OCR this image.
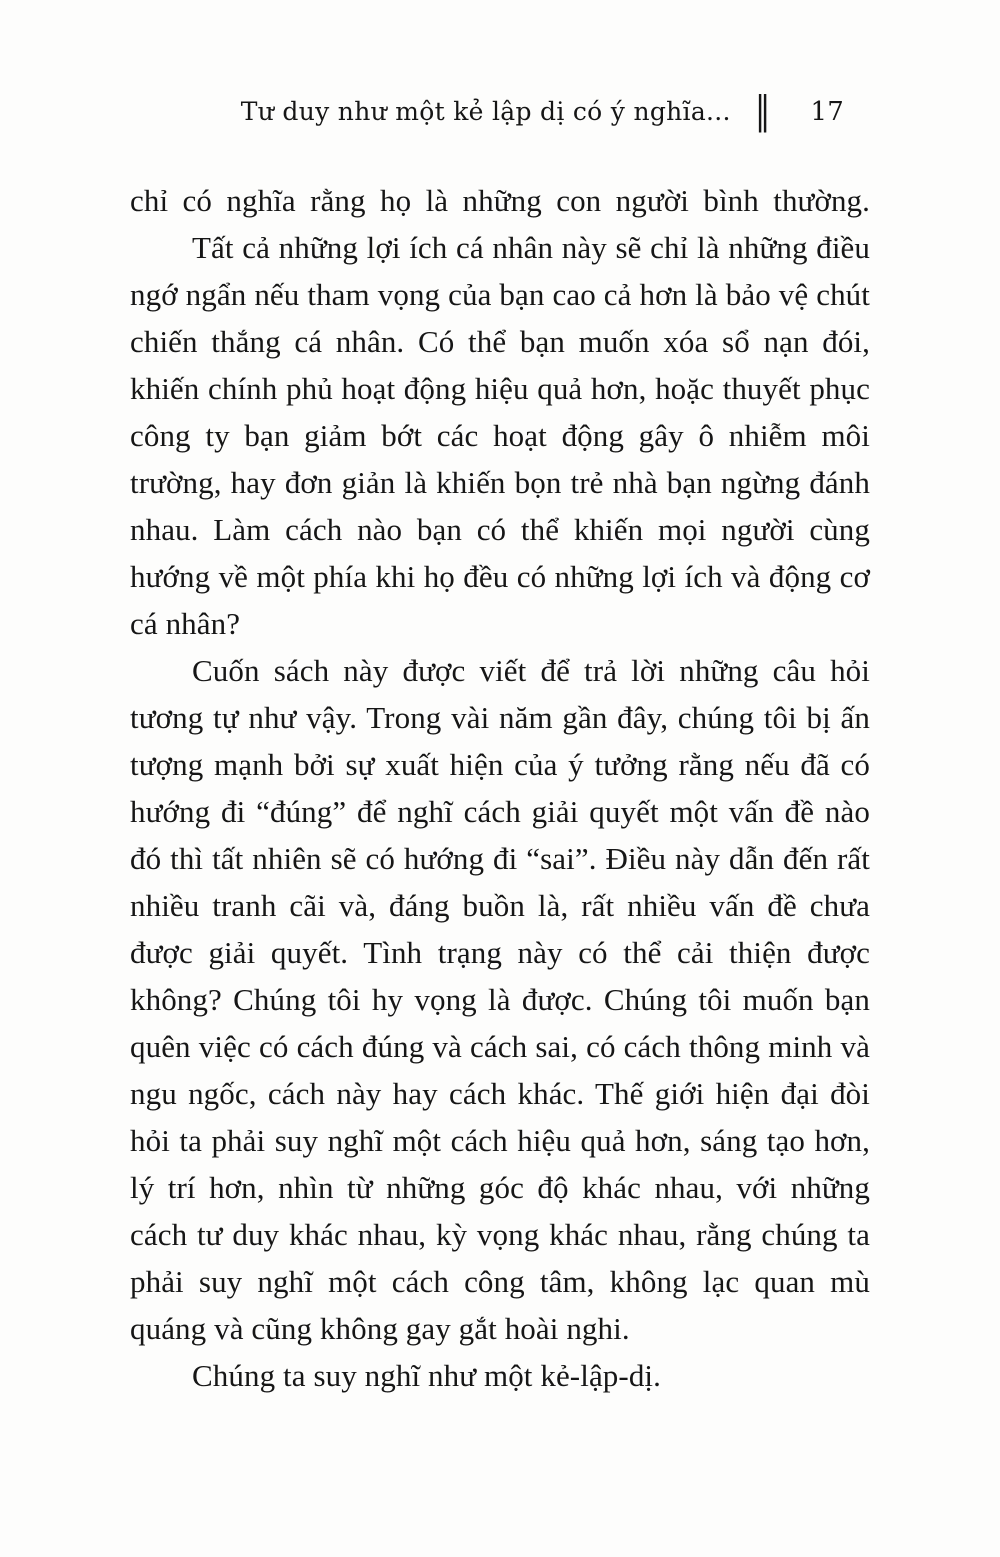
Tư duy như một kẻ lập dị có ý nghĩa... ‖ 17

chỉ có nghĩa rằng họ là những con người bình thường.

Tất cả những lợi ích cá nhân này sẽ chỉ là những điều ngớ ngẩn nếu tham vọng của bạn cao cả hơn là bảo vệ chút chiến thắng cá nhân. Có thể bạn muốn xóa sổ nạn đói, khiến chính phủ hoạt động hiệu quả hơn, hoặc thuyết phục công ty bạn giảm bớt các hoạt động gây ô nhiễm môi trường, hay đơn giản là khiến bọn trẻ nhà bạn ngừng đánh nhau. Làm cách nào bạn có thể khiến mọi người cùng hướng về một phía khi họ đều có những lợi ích và động cơ cá nhân?

Cuốn sách này được viết để trả lời những câu hỏi tương tự như vậy. Trong vài năm gần đây, chúng tôi bị ấn tượng mạnh bởi sự xuất hiện của ý tưởng rằng nếu đã có hướng đi “đúng” để nghĩ cách giải quyết một vấn đề nào đó thì tất nhiên sẽ có hướng đi “sai”. Điều này dẫn đến rất nhiều tranh cãi và, đáng buồn là, rất nhiều vấn đề chưa được giải quyết. Tình trạng này có thể cải thiện được không? Chúng tôi hy vọng là được. Chúng tôi muốn bạn quên việc có cách đúng và cách sai, có cách thông minh và ngu ngốc, cách này hay cách khác. Thế giới hiện đại đòi hỏi ta phải suy nghĩ một cách hiệu quả hơn, sáng tạo hơn, lý trí hơn, nhìn từ những góc độ khác nhau, với những cách tư duy khác nhau, kỳ vọng khác nhau, rằng chúng ta phải suy nghĩ một cách công tâm, không lạc quan mù quáng và cũng không gay gắt hoài nghi.

Chúng ta suy nghĩ như một kẻ-lập-dị.
